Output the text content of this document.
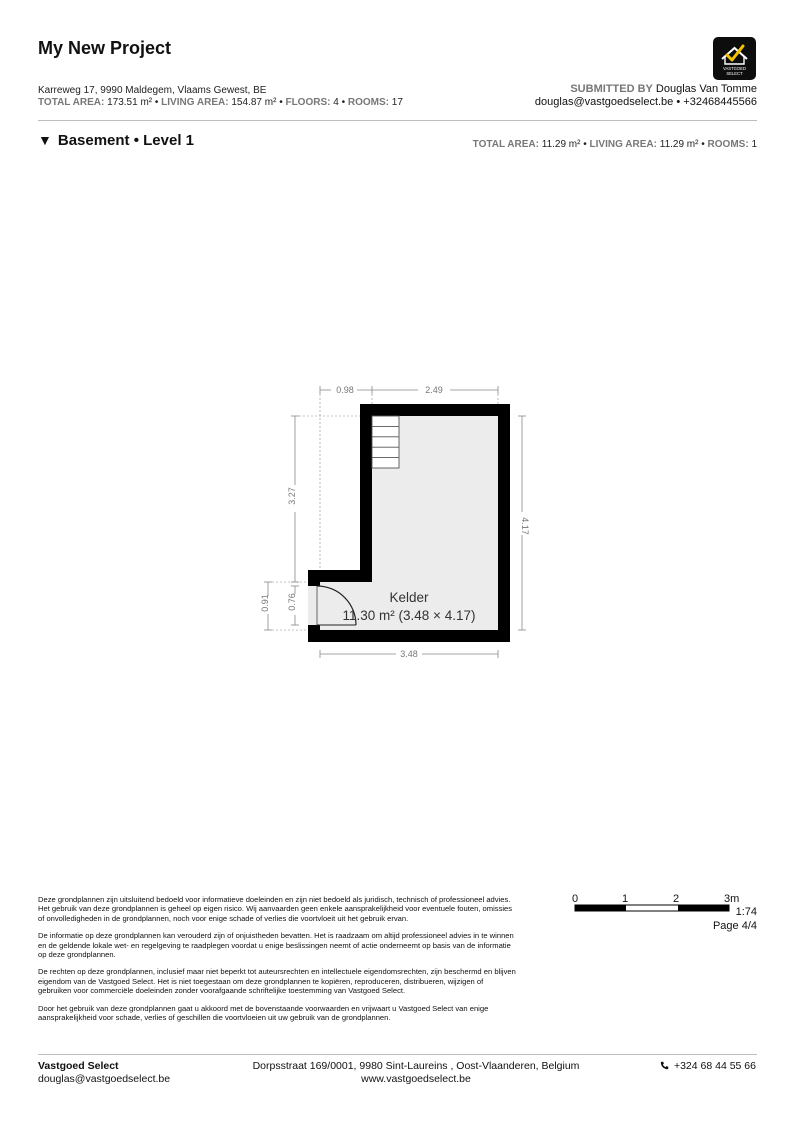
My New Project
Karreweg 17, 9990 Maldegem, Vlaams Gewest, BE
TOTAL AREA: 173.51 m² • LIVING AREA: 154.87 m² • FLOORS: 4 • ROOMS: 17
VASTGOED
SELECT
SUBMITTED BY Douglas Van Tomme
douglas@vastgoedselect.be • +32468445566
▼ Basement • Level 1	TOTAL AREA: 11.29 m² • LIVING AREA: 11.29 m² • ROOMS: 1
0.98	2.49
3.27
4.17
0.91 0.76
3.48
Kelder
11.30 m² (3.48 × 4.17)

Deze grondplannen zijn uitsluitend bedoeld voor informatieve doeleinden en zijn niet bedoeld als juridisch, technisch of professioneel advies. Het gebruik van deze grondplannen is geheel op eigen risico. Wij aanvaarden geen enkele aansprakelijkheid voor eventuele fouten, omissies of onvolledigheden in de grondplannen, noch voor enige schade of verlies die voortvloeit uit het gebruik ervan.

De informatie op deze grondplannen kan verouderd zijn of onjuistheden bevatten. Het is raadzaam om altijd professioneel advies in te winnen en de geldende lokale wet- en regelgeving te raadplegen voordat u enige beslissingen neemt of actie onderneemt op basis van de informatie op deze grondplannen.

De rechten op deze grondplannen, inclusief maar niet beperkt tot auteursrechten en intellectuele eigendomsrechten, zijn beschermd en blijven eigendom van de Vastgoed Select. Het is niet toegestaan om deze grondplannen te kopiëren, reproduceren, distribueren, wijzigen of gebruiken voor commerciële doeleinden zonder voorafgaande schriftelijke toestemming van Vastgoed Select.

Door het gebruik van deze grondplannen gaat u akkoord met de bovenstaande voorwaarden en vrijwaart u Vastgoed Select van enige aansprakelijkheid voor schade, verlies of geschillen die voortvloeien uit uw gebruik van de grondplannen.

0	1	2	3m
1:74
Page 4/4
Vastgoed Select
douglas@vastgoedselect.be
Dorpsstraat 169/0001, 9980 Sint-Laureins , Oost-Vlaanderen, Belgium
www.vastgoedselect.be
+324 68 44 55 66
